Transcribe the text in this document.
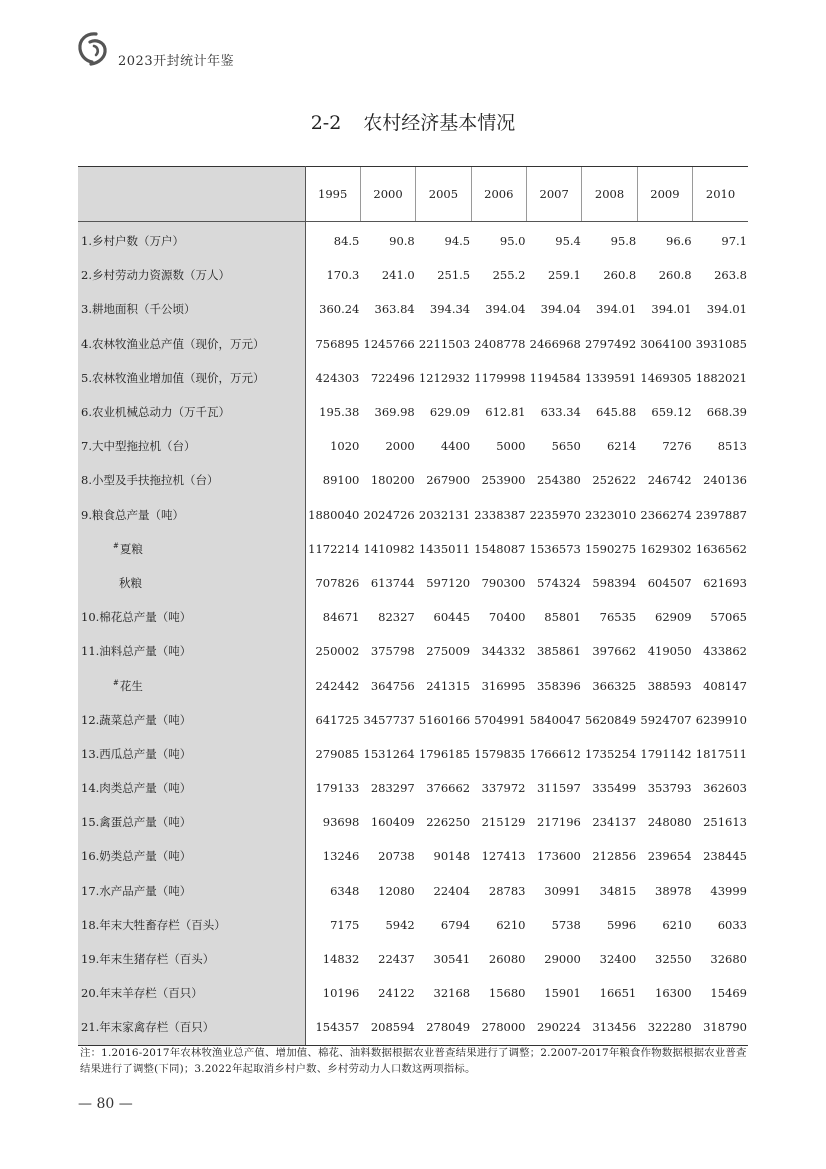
2023开封统计年鉴
2-2 农村经济基本情况
	1995	2000	2005	2006	2007	2008	2009	2010
1.乡村户数（万户）	84.5	90.8	94.5	95.0	95.4	95.8	96.6	97.1
2.乡村劳动力资源数（万人）	170.3	241.0	251.5	255.2	259.1	260.8	260.8	263.8
3.耕地面积（千公顷）	360.24	363.84	394.34	394.04	394.04	394.01	394.01	394.01
4.农林牧渔业总产值（现价，万元）	756895	1245766	2211503	2408778	2466968	2797492	3064100	3931085
5.农林牧渔业增加值（现价，万元）	424303	722496	1212932	1179998	1194584	1339591	1469305	1882021
6.农业机械总动力（万千瓦）	195.38	369.98	629.09	612.81	633.34	645.88	659.12	668.39
7.大中型拖拉机（台）	1020	2000	4400	5000	5650	6214	7276	8513
8.小型及手扶拖拉机（台）	89100	180200	267900	253900	254380	252622	246742	240136
9.粮食总产量（吨）	1880040	2024726	2032131	2338387	2235970	2323010	2366274	2397887
#夏粮	1172214	1410982	1435011	1548087	1536573	1590275	1629302	1636562
秋粮	707826	613744	597120	790300	574324	598394	604507	621693
10.棉花总产量（吨）	84671	82327	60445	70400	85801	76535	62909	57065
11.油料总产量（吨）	250002	375798	275009	344332	385861	397662	419050	433862
#花生	242442	364756	241315	316995	358396	366325	388593	408147
12.蔬菜总产量（吨）	641725	3457737	5160166	5704991	5840047	5620849	5924707	6239910
13.西瓜总产量（吨）	279085	1531264	1796185	1579835	1766612	1735254	1791142	1817511
14.肉类总产量（吨）	179133	283297	376662	337972	311597	335499	353793	362603
15.禽蛋总产量（吨）	93698	160409	226250	215129	217196	234137	248080	251613
16.奶类总产量（吨）	13246	20738	90148	127413	173600	212856	239654	238445
17.水产品产量（吨）	6348	12080	22404	28783	30991	34815	38978	43999
18.年末大牲畜存栏（百头）	7175	5942	6794	6210	5738	5996	6210	6033
19.年末生猪存栏（百头）	14832	22437	30541	26080	29000	32400	32550	32680
20.年末羊存栏（百只）	10196	24122	32168	15680	15901	16651	16300	15469
21.年末家禽存栏（百只）	154357	208594	278049	278000	290224	313456	322280	318790
注：1.2016-2017年农林牧渔业总产值、增加值、棉花、油料数据根据农业普查结果进行了调整；2.2007-2017年粮食作物数据根据农业普查结果进行了调整(下同)；3.2022年起取消乡村户数、乡村劳动力人口数这两项指标。
— 80 —
